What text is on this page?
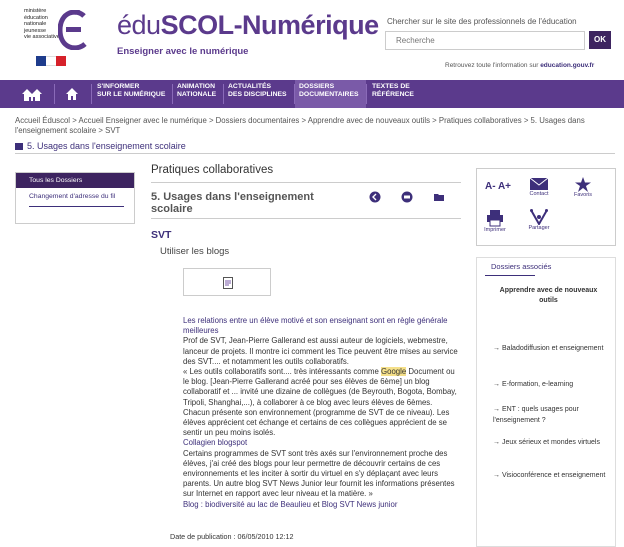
ministère
éducation
nationale
jeunesse
vie associative éduSCOL-Numérique
Enseigner avec le numérique
Chercher sur le site des professionnels de l'éducation
Recherche
OK
Retrouvez toute l'information sur education.gouv.fr
S'INFORMER
SUR LE NUMÉRIQUE
ANIMATION
NATIONALE
ACTUALITÉS
DES DISCIPLINES
DOSSIERS
DOCUMENTAIRES
TEXTES DE
RÉFÉRENCE
Accueil Éduscol > Accueil Enseigner avec le numérique > Dossiers documentaires > Apprendre avec de nouveaux outils > Pratiques collaboratives > 5. Usages dans l'enseignement scolaire > SVT
5. Usages dans l'enseignement scolaire
Tous les Dossiers
Changement d'adresse du fil
Pratiques collaboratives
5. Usages dans l'enseignement scolaire
SVT
Utiliser les blogs
Les relations entre un élève motivé et son enseignant sont en règle générale meilleures
Prof de SVT, Jean-Pierre Gallerand est aussi auteur de logiciels, webmestre, lanceur de projets. Il montre ici comment les Tice peuvent être mises au service des SVT.... et notamment les outils collaboratifs.
« Les outils collaboratifs sont.... très intéressants comme Google Document ou le blog. [Jean-Pierre Gallerand acréé pour ses élèves de 6ème] un blog collaboratif et ... invité une dizaine de collègues (de Beyrouth, Bogota, Bombay, Tripoli, Shanghai,...), à collaborer à ce blog avec leurs élèves de 6èmes. Chacun présente son environnement (programme de SVT de ce niveau). Les élèves apprécient cet échange et certains de ces collègues apprécient de se sentir un peu moins isolés.
Collagien blogspot
Certains programmes de SVT sont très axés sur l'environnement proche des élèves, j'ai créé des blogs pour leur permettre de découvrir certains de ces environnements et les inciter à sortir du virtuel en s'y déplaçant avec leurs parents. Un autre blog SVT News Junior leur fournit les informations présentes sur Internet en rapport avec leur niveau et la matière. »
Blog : biodiversité au lac de Beaulieu et Blog SVT News junior
Date de publication : 06/05/2010 12:12
A- A+
Contact	Favoris
Imprimer	Partager
Dossiers associés
Apprendre avec de nouveaux outils
→ Baladodiffusion et enseignement
→ E-formation, e-learning
→ ENT : quels usages pour l'enseignement ?
→ Jeux sérieux et mondes virtuels
→ Visioconférence et enseignement
